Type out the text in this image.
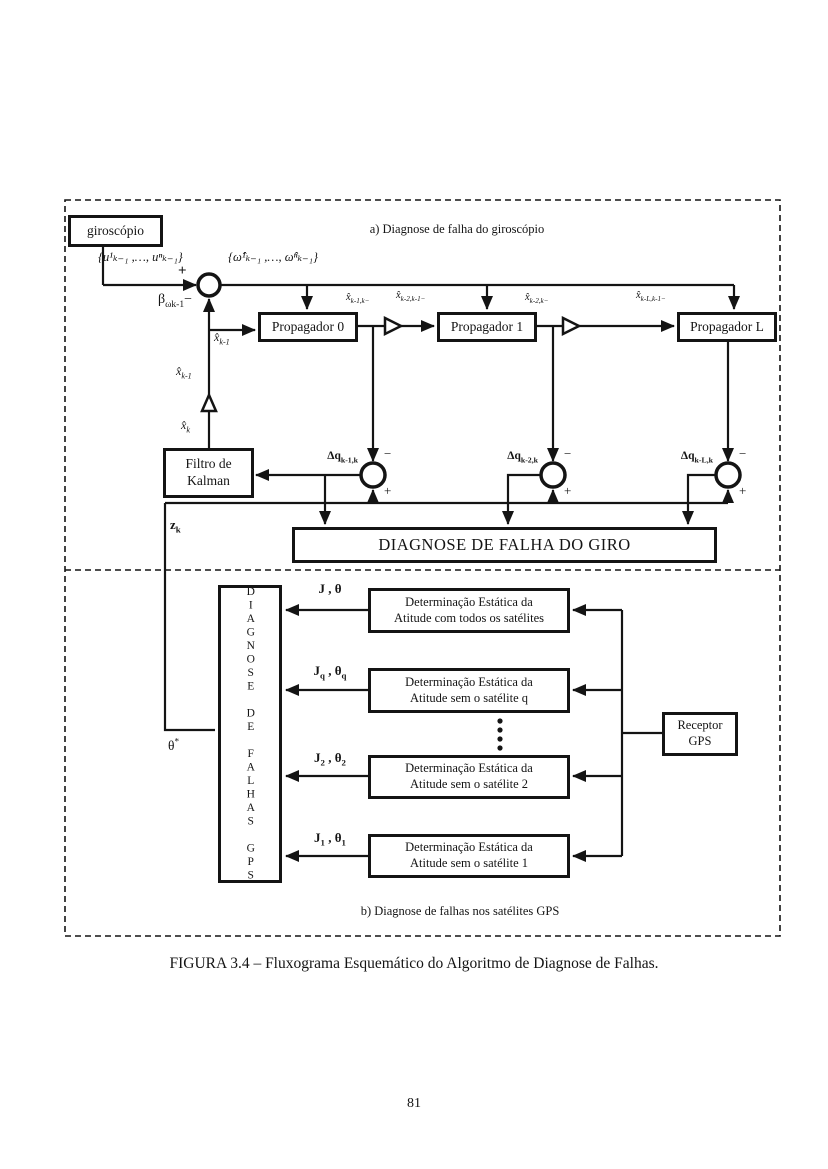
giroscópio
Propagador 0	Propagador 1	Propagador L
Filtro de Kalman
DIAGNOSE DE FALHA DO GIRO
DIAGNOSE DE FALHAS GPS	Determinação Estática da
Atitude com todos os satélites
Determinação Estática da
Atitude sem o satélite q
Determinação Estática da
Atitude sem o satélite 2
Determinação Estática da
Atitude sem o satélite 1
Receptor GPS
a) Diagnose de falha do giroscópio
{u¹ₖ₋₁ ,…, uⁿₖ₋₁}	{ω̂¹ₖ₋₁ ,…, ω̂ⁿₖ₋₁}
+
$\beta_{\omega k-1}-$	$x̂_{k-1,k-}$
$x̂_{k-2,k-1-}$	$x̂_{k-2,k-}$
$x̂_{k-L,k-1-}$
$x̂_{k-1}$
$x̂_{k-1}$
$x̂_k$
$\Delta q_{k-1,k}$	$\Delta q_{k-2,k}$	$\Delta q_{k-L,k}$
−	−	−
+	+	+
$z_k$
θ*
J , θ
$J_q$ , $\theta_q$
$J_2$ , $\theta_2$
$J_1$ , $\theta_1$
b) Diagnose de falhas nos satélites GPS
FIGURA 3.4 – Fluxograma Esquemático do Algoritmo de Diagnose de Falhas.
81
